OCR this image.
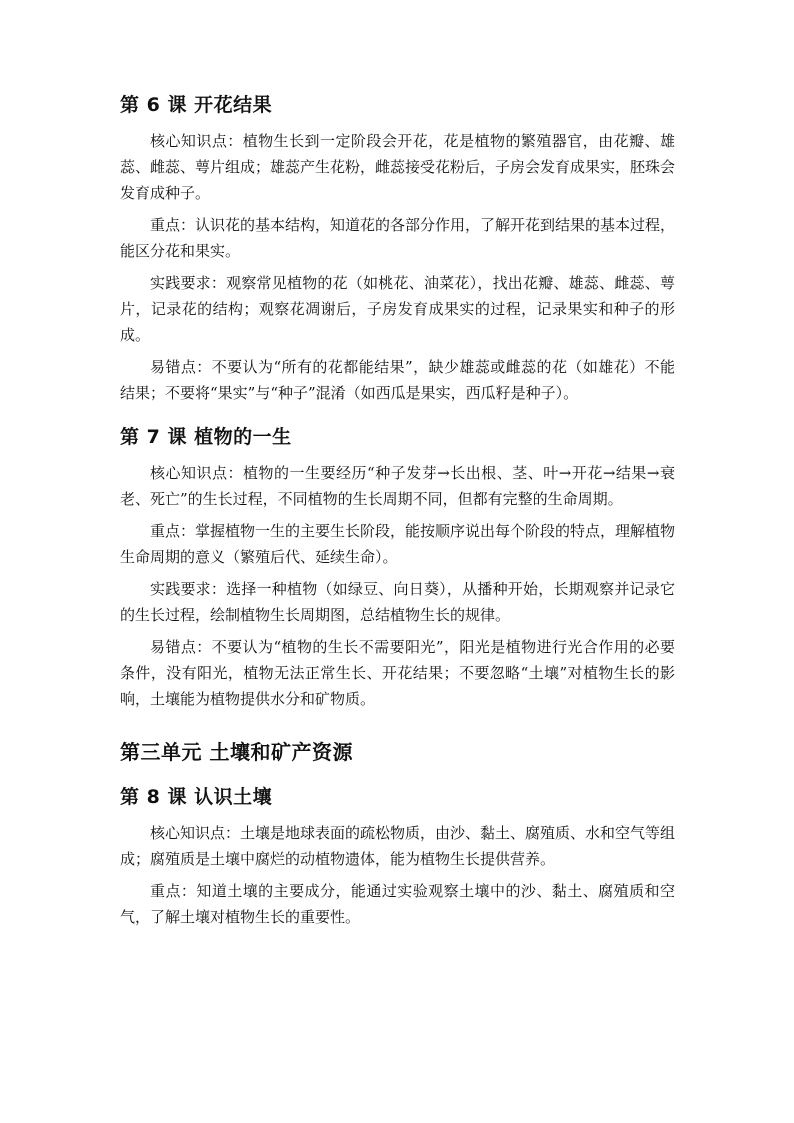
第 6 课 开花结果

核心知识点：植物生长到一定阶段会开花，花是植物的繁殖器官，由花瓣、雄蕊、雌蕊、萼片组成；雄蕊产生花粉，雌蕊接受花粉后，子房会发育成果实，胚珠会发育成种子。

重点：认识花的基本结构，知道花的各部分作用，了解开花到结果的基本过程，能区分花和果实。

实践要求：观察常见植物的花（如桃花、油菜花），找出花瓣、雄蕊、雌蕊、萼片，记录花的结构；观察花凋谢后，子房发育成果实的过程，记录果实和种子的形成。

易错点：不要认为“所有的花都能结果”，缺少雄蕊或雌蕊的花（如雄花）不能结果；不要将“果实”与“种子”混淆（如西瓜是果实，西瓜籽是种子）。

第 7 课 植物的一生

核心知识点：植物的一生要经历“种子发芽→长出根、茎、叶→开花→结果→衰老、死亡”的生长过程，不同植物的生长周期不同，但都有完整的生命周期。

重点：掌握植物一生的主要生长阶段，能按顺序说出每个阶段的特点，理解植物生命周期的意义（繁殖后代、延续生命）。

实践要求：选择一种植物（如绿豆、向日葵），从播种开始，长期观察并记录它的生长过程，绘制植物生长周期图，总结植物生长的规律。

易错点：不要认为“植物的生长不需要阳光”，阳光是植物进行光合作用的必要条件，没有阳光，植物无法正常生长、开花结果；不要忽略“土壤”对植物生长的影响，土壤能为植物提供水分和矿物质。

第三单元 土壤和矿产资源
第 8 课 认识土壤

核心知识点：土壤是地球表面的疏松物质，由沙、黏土、腐殖质、水和空气等组成；腐殖质是土壤中腐烂的动植物遗体，能为植物生长提供营养。

重点：知道土壤的主要成分，能通过实验观察土壤中的沙、黏土、腐殖质和空气，了解土壤对植物生长的重要性。
